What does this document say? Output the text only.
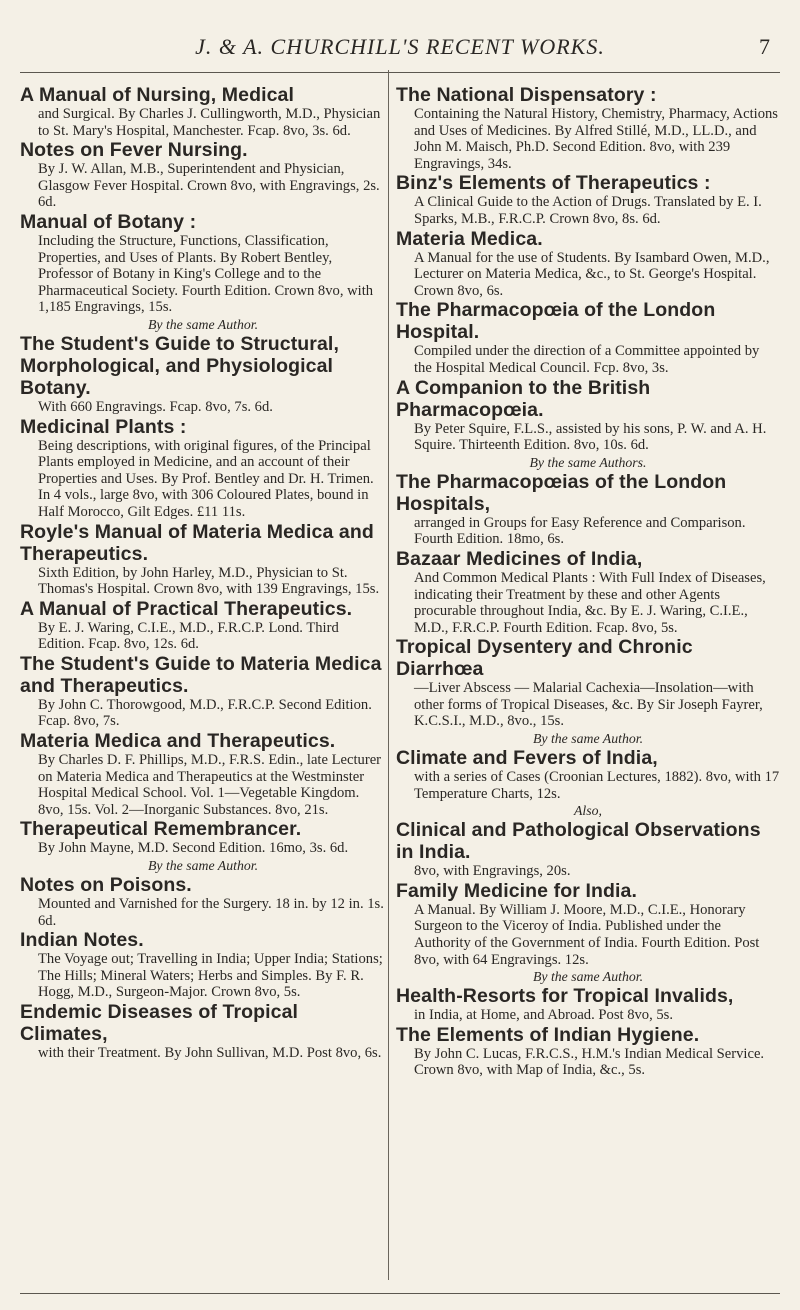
J. & A. CHURCHILL'S RECENT WORKS.	7
A Manual of Nursing, Medical
and Surgical. By Charles J. Cullingworth, M.D., Physician to St. Mary's Hospital, Manchester. Fcap. 8vo, 3s. 6d.
Notes on Fever Nursing.
By J. W. Allan, M.B., Superintendent and Physician, Glasgow Fever Hospital. Crown 8vo, with Engravings, 2s. 6d.
Manual of Botany :
Including the Structure, Functions, Classification, Properties, and Uses of Plants. By Robert Bentley, Professor of Botany in King's College and to the Pharmaceutical Society. Fourth Edition. Crown 8vo, with 1,185 Engravings, 15s.
By the same Author.
The Student's Guide to Structural, Morphological, and Physiological Botany.
With 660 Engravings. Fcap. 8vo, 7s. 6d.
Medicinal Plants :
Being descriptions, with original figures, of the Principal Plants employed in Medicine, and an account of their Properties and Uses. By Prof. Bentley and Dr. H. Trimen. In 4 vols., large 8vo, with 306 Coloured Plates, bound in Half Morocco, Gilt Edges. £11 11s.
Royle's Manual of Materia Medica and Therapeutics.
Sixth Edition, by John Harley, M.D., Physician to St. Thomas's Hospital. Crown 8vo, with 139 Engravings, 15s.
A Manual of Practical Therapeutics.
By E. J. Waring, C.I.E., M.D., F.R.C.P. Lond. Third Edition. Fcap. 8vo, 12s. 6d.
The Student's Guide to Materia Medica and Therapeutics.
By John C. Thorowgood, M.D., F.R.C.P. Second Edition. Fcap. 8vo, 7s.
Materia Medica and Therapeutics.
By Charles D. F. Phillips, M.D., F.R.S. Edin., late Lecturer on Materia Medica and Therapeutics at the Westminster Hospital Medical School. Vol. 1—Vegetable Kingdom. 8vo, 15s. Vol. 2—Inorganic Substances. 8vo, 21s.
Therapeutical Remembrancer.
By John Mayne, M.D. Second Edition. 16mo, 3s. 6d.
By the same Author.
Notes on Poisons.
Mounted and Varnished for the Surgery. 18 in. by 12 in. 1s. 6d.
Indian Notes.
The Voyage out; Travelling in India; Upper India; Stations; The Hills; Mineral Waters; Herbs and Simples. By F. R. Hogg, M.D., Surgeon-Major. Crown 8vo, 5s.
Endemic Diseases of Tropical Climates,
with their Treatment. By John Sullivan, M.D. Post 8vo, 6s.
The National Dispensatory :
Containing the Natural History, Chemistry, Pharmacy, Actions and Uses of Medicines. By Alfred Stillé, M.D., LL.D., and John M. Maisch, Ph.D. Second Edition. 8vo, with 239 Engravings, 34s.
Binz's Elements of Therapeutics :
A Clinical Guide to the Action of Drugs. Translated by E. I. Sparks, M.B., F.R.C.P. Crown 8vo, 8s. 6d.
Materia Medica.
A Manual for the use of Students. By Isambard Owen, M.D., Lecturer on Materia Medica, &c., to St. George's Hospital. Crown 8vo, 6s.
The Pharmacopœia of the London Hospital.
Compiled under the direction of a Committee appointed by the Hospital Medical Council. Fcp. 8vo, 3s.
A Companion to the British Pharmacopœia.
By Peter Squire, F.L.S., assisted by his sons, P. W. and A. H. Squire. Thirteenth Edition. 8vo, 10s. 6d.
By the same Authors.
The Pharmacopœias of the London Hospitals,
arranged in Groups for Easy Reference and Comparison. Fourth Edition. 18mo, 6s.
Bazaar Medicines of India,
And Common Medical Plants : With Full Index of Diseases, indicating their Treatment by these and other Agents procurable throughout India, &c. By E. J. Waring, C.I.E., M.D., F.R.C.P. Fourth Edition. Fcap. 8vo, 5s.
Tropical Dysentery and Chronic Diarrhœa
—Liver Abscess — Malarial Cachexia—Insolation—with other forms of Tropical Diseases, &c. By Sir Joseph Fayrer, K.C.S.I., M.D., 8vo., 15s.
By the same Author.
Climate and Fevers of India,
with a series of Cases (Croonian Lectures, 1882). 8vo, with 17 Temperature Charts, 12s.
Also,
Clinical and Pathological Observations in India.
8vo, with Engravings, 20s.
Family Medicine for India.
A Manual. By William J. Moore, M.D., C.I.E., Honorary Surgeon to the Viceroy of India. Published under the Authority of the Government of India. Fourth Edition. Post 8vo, with 64 Engravings. 12s.
By the same Author.
Health-Resorts for Tropical Invalids,
in India, at Home, and Abroad. Post 8vo, 5s.
The Elements of Indian Hygiene.
By John C. Lucas, F.R.C.S., H.M.'s Indian Medical Service. Crown 8vo, with Map of India, &c., 5s.
